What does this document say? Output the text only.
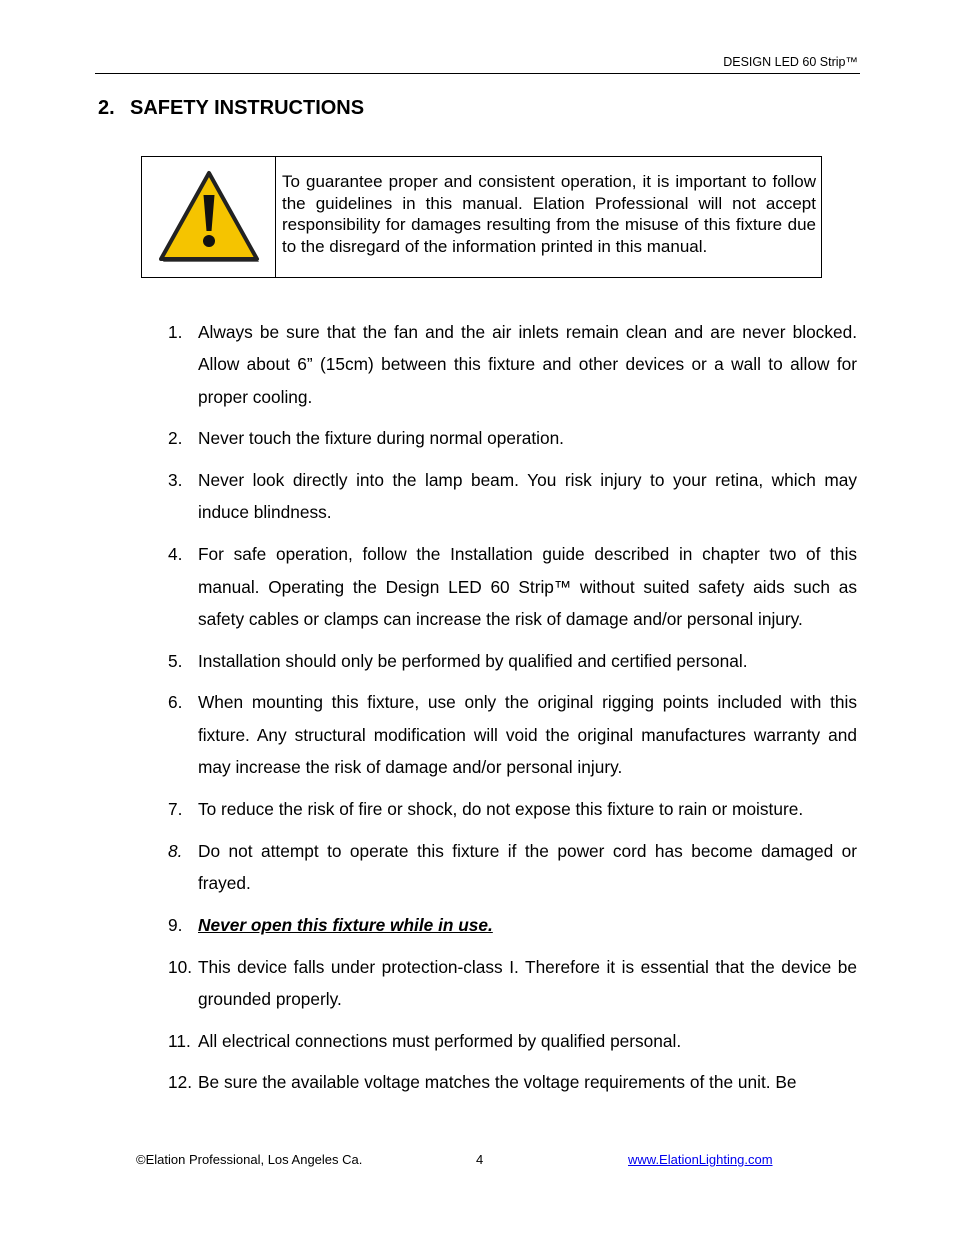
DESIGN LED 60 Strip™
2. SAFETY INSTRUCTIONS
To guarantee proper and consistent operation, it is important to follow the guidelines in this manual. Elation Professional will not accept responsibility for damages resulting from the misuse of this fixture due to the disregard of the information printed in this manual.
1. Always be sure that the fan and the air inlets remain clean and are never blocked. Allow about 6” (15cm) between this fixture and other devices or a wall to allow for proper cooling.
2. Never touch the fixture during normal operation.
3. Never look directly into the lamp beam. You risk injury to your retina, which may induce blindness.
4. For safe operation, follow the Installation guide described in chapter two of this manual. Operating the Design LED 60 Strip™ without suited safety aids such as safety cables or clamps can increase the risk of damage and/or personal injury.
5. Installation should only be performed by qualified and certified personal.
6. When mounting this fixture, use only the original rigging points included with this fixture. Any structural modification will void the original manufactures warranty and may increase the risk of damage and/or personal injury.
7. To reduce the risk of fire or shock, do not expose this fixture to rain or moisture.
8. Do not attempt to operate this fixture if the power cord has become damaged or frayed.
9. Never open this fixture while in use.
10. This device falls under protection-class I. Therefore it is essential that the device be grounded properly.
11. All electrical connections must performed by qualified personal.
12. Be sure the available voltage matches the voltage requirements of the unit. Be
©Elation Professional, Los Angeles Ca.	4	www.ElationLighting.com
